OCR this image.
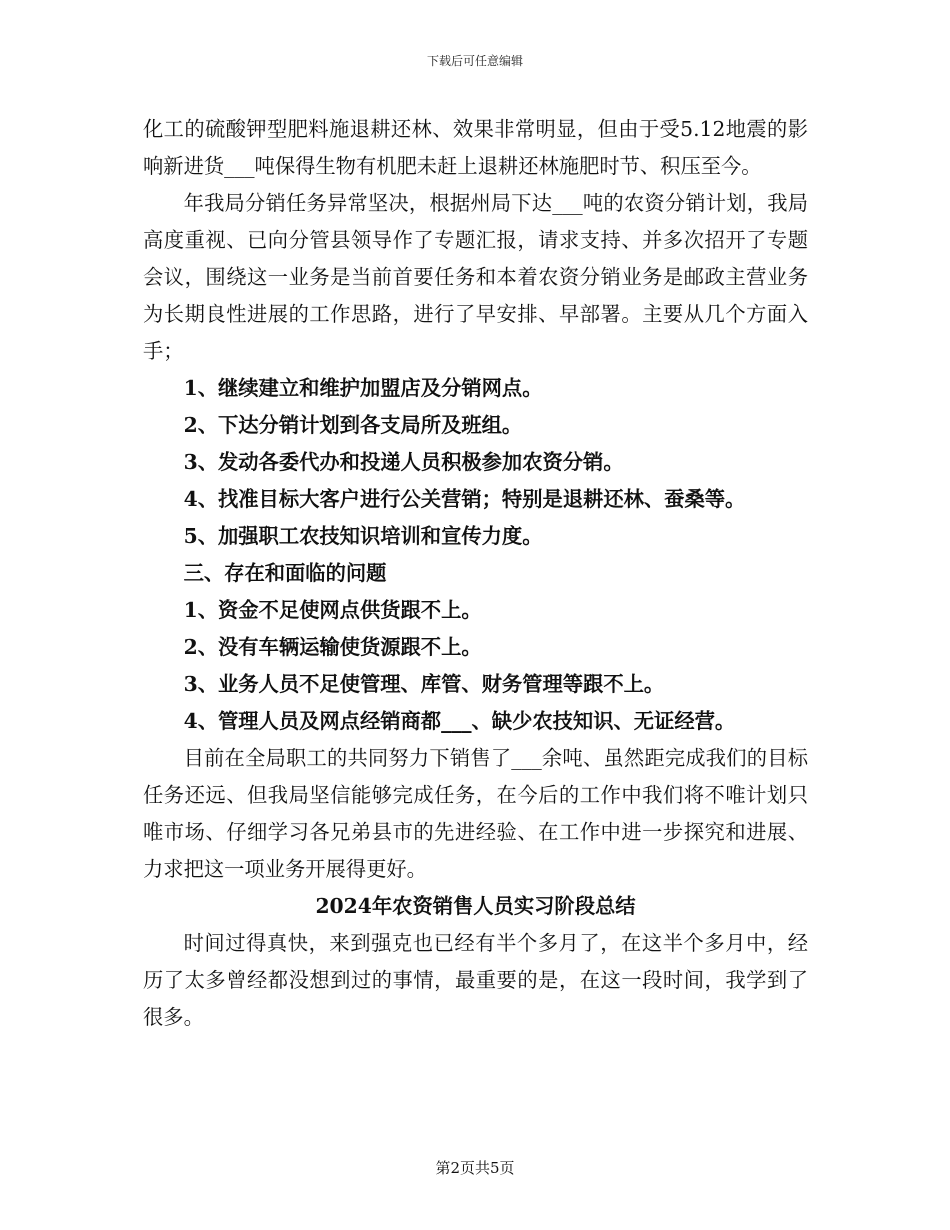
下载后可任意编辑

化工的硫酸钾型肥料施退耕还林、效果非常明显，但由于受5.12地震的影响新进货___吨保得生物有机肥未赶上退耕还林施肥时节、积压至今。

年我局分销任务异常坚决，根据州局下达___吨的农资分销计划，我局高度重视、已向分管县领导作了专题汇报，请求支持、并多次招开了专题会议，围绕这一业务是当前首要任务和本着农资分销业务是邮政主营业务为长期良性进展的工作思路，进行了早安排、早部署。主要从几个方面入手；

1、继续建立和维护加盟店及分销网点。

2、下达分销计划到各支局所及班组。

3、发动各委代办和投递人员积极参加农资分销。

4、找准目标大客户进行公关营销；特别是退耕还林、蚕桑等。

5、加强职工农技知识培训和宣传力度。

三、存在和面临的问题

1、资金不足使网点供货跟不上。

2、没有车辆运输使货源跟不上。

3、业务人员不足使管理、库管、财务管理等跟不上。

4、管理人员及网点经销商都___、缺少农技知识、无证经营。

目前在全局职工的共同努力下销售了___余吨、虽然距完成我们的目标任务还远、但我局坚信能够完成任务，在今后的工作中我们将不唯计划只唯市场、仔细学习各兄弟县市的先进经验、在工作中进一步探究和进展、力求把这一项业务开展得更好。

2024年农资销售人员实习阶段总结

时间过得真快，来到强克也已经有半个多月了，在这半个多月中，经历了太多曾经都没想到过的事情，最重要的是，在这一段时间，我学到了很多。

第2页共5页
